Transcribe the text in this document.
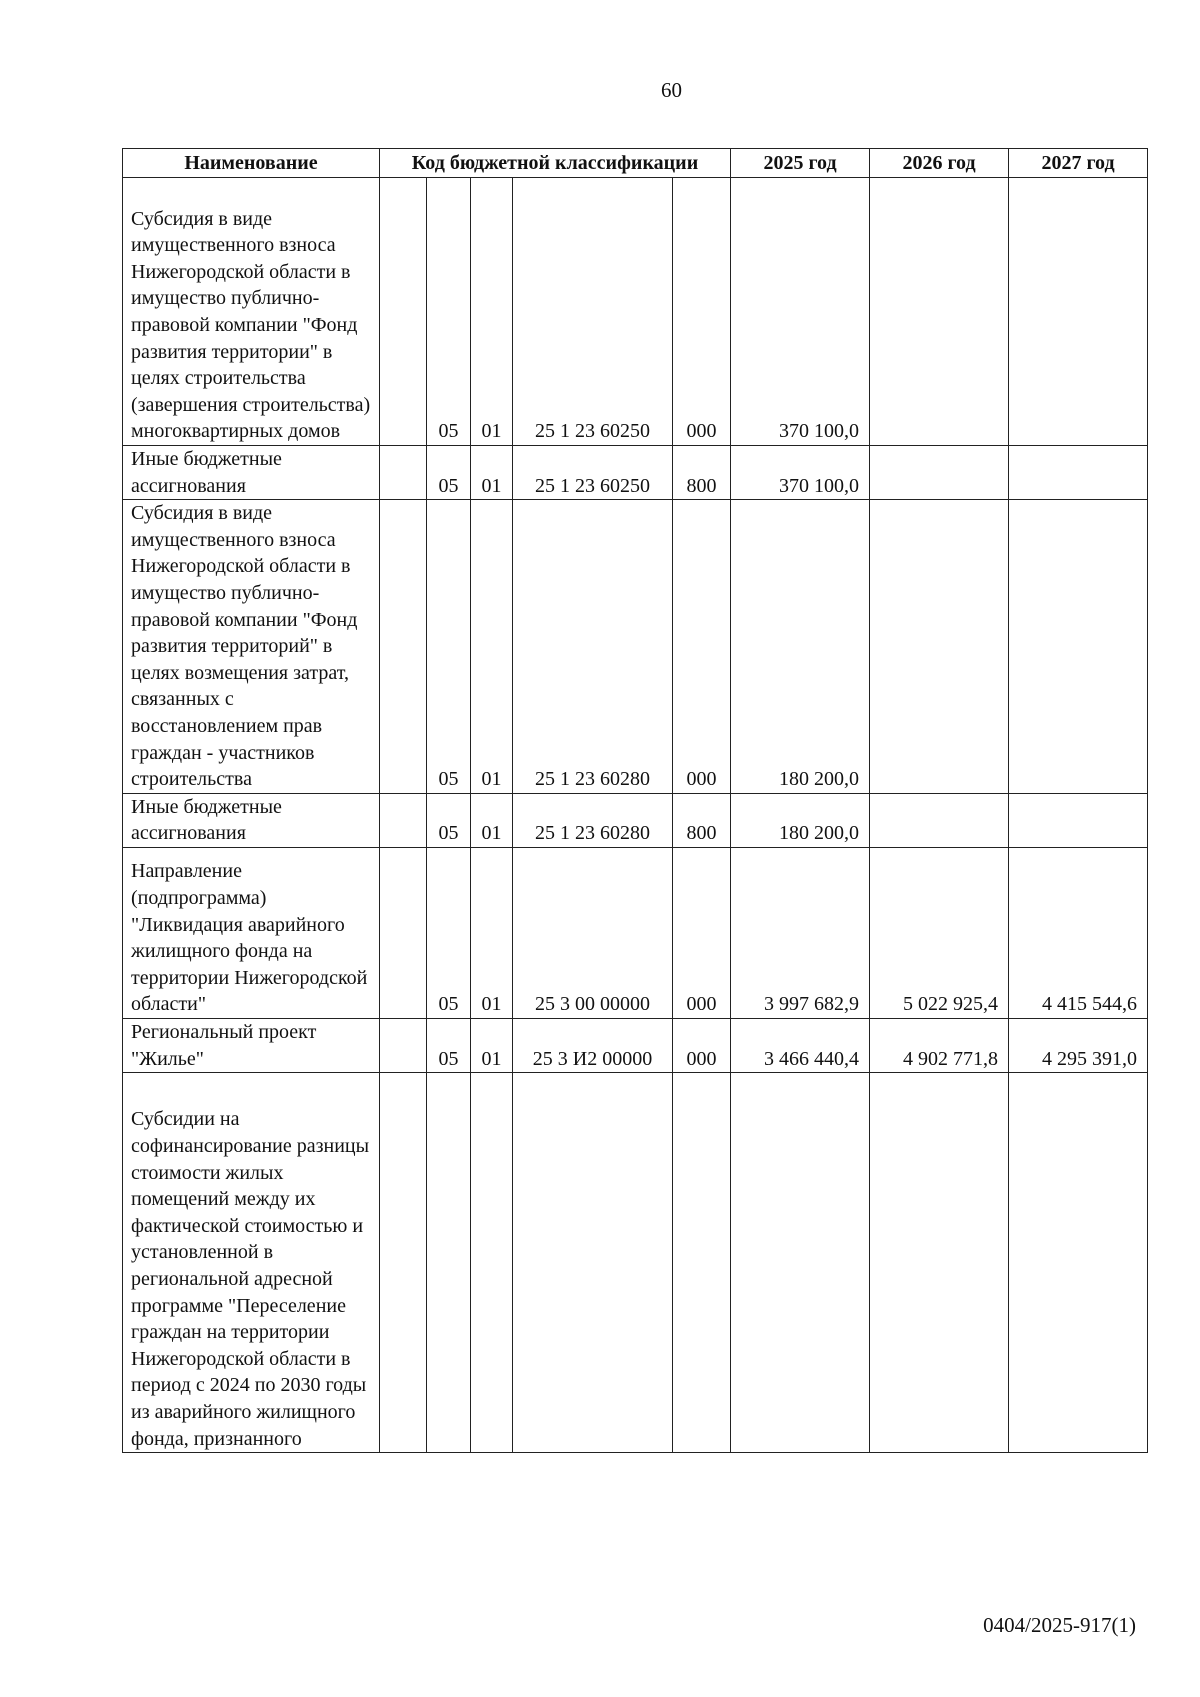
60
Наименование	Код бюджетной классификации					2025 год	2026 год	2027 год
Субсидия в виде имущественного взноса Нижегородской области в имущество публично-правовой компании "Фонд развития территории" в целях строительства (завершения строительства) многоквартирных домов		05	01	25 1 23 60250	000	370 100,0		
Иные бюджетные ассигнования		05	01	25 1 23 60250	800	370 100,0		
Субсидия в виде имущественного взноса Нижегородской области в имущество публично-правовой компании "Фонд развития территорий" в целях возмещения затрат, связанных с восстановлением прав граждан - участников строительства		05	01	25 1 23 60280	000	180 200,0		
Иные бюджетные ассигнования		05	01	25 1 23 60280	800	180 200,0		
Направление (подпрограмма) "Ликвидация аварийного жилищного фонда на территории Нижегородской области"		05	01	25 3 00 00000	000	3 997 682,9	5 022 925,4	4 415 544,6
Региональный проект "Жилье"		05	01	25 3 И2 00000	000	3 466 440,4	4 902 771,8	4 295 391,0
Субсидии на софинансирование разницы стоимости жилых помещений между их фактической стоимостью и установленной в региональной адресной программе "Переселение граждан на территории Нижегородской области в период с 2024 по 2030 годы из аварийного жилищного фонда, признанного								
0404/2025-917(1)
